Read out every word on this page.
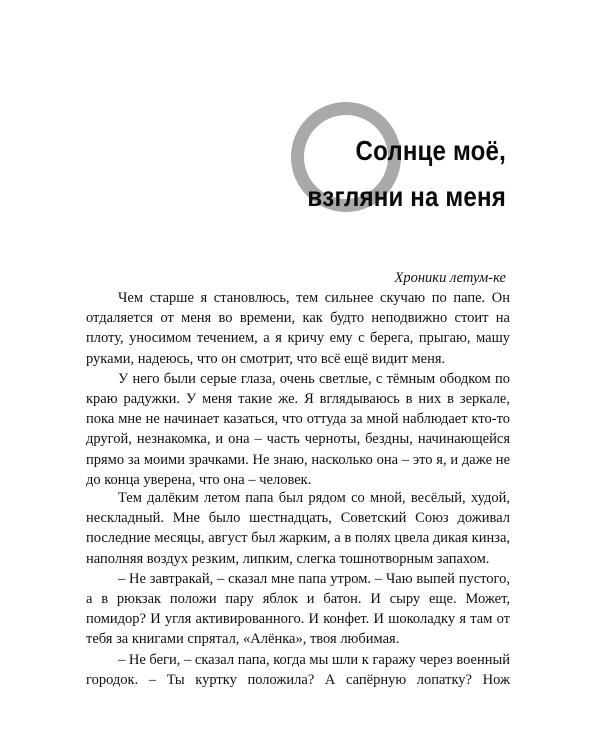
Солнце моё,
взгляни на меня
Хроники летум-ке

Чем старше я становлюсь, тем сильнее скучаю по папе. Он отдаляется от меня во времени, как будто неподвижно стоит на плоту, уносимом течением, а я кричу ему с берега, прыгаю, машу руками, надеюсь, что он смотрит, что всё ещё видит меня.

У него были серые глаза, очень светлые, с тёмным ободком по краю радужки. У меня такие же. Я вглядываюсь в них в зеркале, пока мне не начинает казаться, что оттуда за мной наблюдает кто-то другой, незнакомка, и она – часть черноты, бездны, начинающейся прямо за моими зрачками. Не знаю, насколько она – это я, и даже не до конца уверена, что она – человек.

Тем далёким летом папа был рядом со мной, весёлый, худой, нескладный. Мне было шестнадцать, Советский Союз доживал последние месяцы, август был жарким, а в полях цвела дикая кинза, наполняя воздух резким, липким, слегка тошнотворным запахом.

– Не завтракай, – сказал мне папа утром. – Чаю выпей пустого, а в рюкзак положи пару яблок и батон. И сыру еще. Может, помидор? И угля активированного. И конфет. И шоколадку я там от тебя за книгами спрятал, «Алёнка», твоя любимая.

– Не беги, – сказал папа, когда мы шли к гаражу через военный городок. – Ты куртку положила? А сапёрную лопатку? Нож
